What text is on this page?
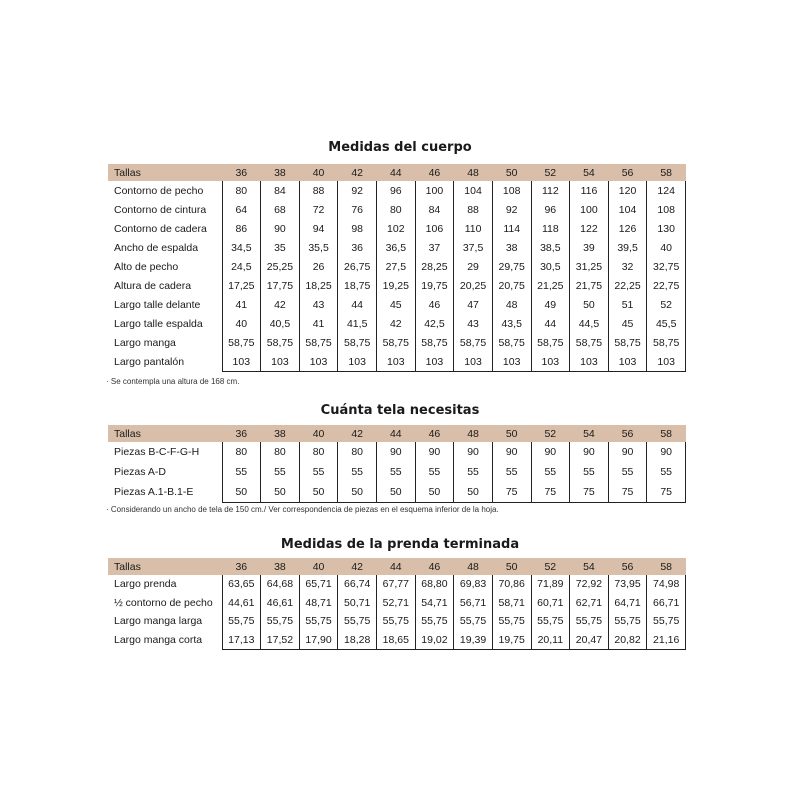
Medidas del cuerpo
Tallas	36	38	40	42	44	46	48	50	52	54	56	58
Contorno de pecho	80	84	88	92	96	100	104	108	112	116	120	124
Contorno de cintura	64	68	72	76	80	84	88	92	96	100	104	108
Contorno de cadera	86	90	94	98	102	106	110	114	118	122	126	130
Ancho de espalda	34,5	35	35,5	36	36,5	37	37,5	38	38,5	39	39,5	40
Alto de pecho	24,5	25,25	26	26,75	27,5	28,25	29	29,75	30,5	31,25	32	32,75
Altura de cadera	17,25	17,75	18,25	18,75	19,25	19,75	20,25	20,75	21,25	21,75	22,25	22,75
Largo talle delante	41	42	43	44	45	46	47	48	49	50	51	52
Largo talle espalda	40	40,5	41	41,5	42	42,5	43	43,5	44	44,5	45	45,5
Largo manga	58,75	58,75	58,75	58,75	58,75	58,75	58,75	58,75	58,75	58,75	58,75	58,75
Largo pantalón	103	103	103	103	103	103	103	103	103	103	103	103
· Se contempla una altura de 168 cm.
Cuánta tela necesitas
Tallas	36	38	40	42	44	46	48	50	52	54	56	58
Piezas B-C-F-G-H	80	80	80	80	90	90	90	90	90	90	90	90
Piezas A-D	55	55	55	55	55	55	55	55	55	55	55	55
Piezas A.1-B.1-E	50	50	50	50	50	50	50	75	75	75	75	75
· Considerando un ancho de tela de 150 cm./ Ver correspondencia de piezas en el esquema inferior de la hoja.
Medidas de la prenda terminada
Tallas	36	38	40	42	44	46	48	50	52	54	56	58
Largo prenda	63,65	64,68	65,71	66,74	67,77	68,80	69,83	70,86	71,89	72,92	73,95	74,98
½ contorno de pecho	44,61	46,61	48,71	50,71	52,71	54,71	56,71	58,71	60,71	62,71	64,71	66,71
Largo manga larga	55,75	55,75	55,75	55,75	55,75	55,75	55,75	55,75	55,75	55,75	55,75	55,75
Largo manga corta	17,13	17,52	17,90	18,28	18,65	19,02	19,39	19,75	20,11	20,47	20,82	21,16
